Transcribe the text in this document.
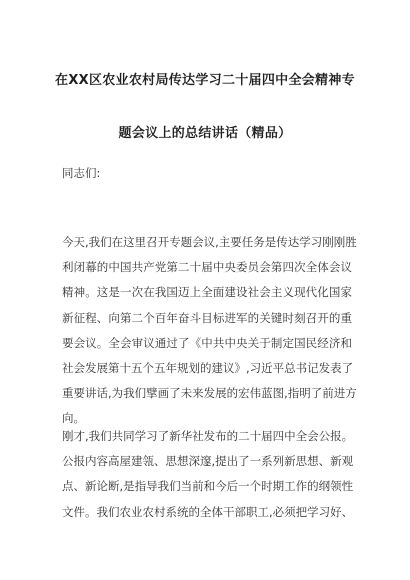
在XX区农业农村局传达学习二十届四中全会精神专
题会议上的总结讲话（精品）
同志们:
今天,我们在这里召开专题会议,主要任务是传达学习刚刚胜
利闭幕的中国共产党第二十届中央委员会第四次全体会议
精神。这是一次在我国迈上全面建设社会主义现代化国家
新征程、向第二个百年奋斗目标进军的关键时刻召开的重
要会议。全会审议通过了《中共中央关于制定国民经济和
社会发展第十五个五年规划的建议》,习近平总书记发表了
重要讲话,为我们擘画了未来发展的宏伟蓝图,指明了前进方
向。
刚才,我们共同学习了新华社发布的二十届四中全会公报。
公报内容高屋建瓴、思想深邃,提出了一系列新思想、新观
点、新论断,是指导我们当前和今后一个时期工作的纲领性
文件。我们农业农村系统的全体干部职工,必须把学习好、
